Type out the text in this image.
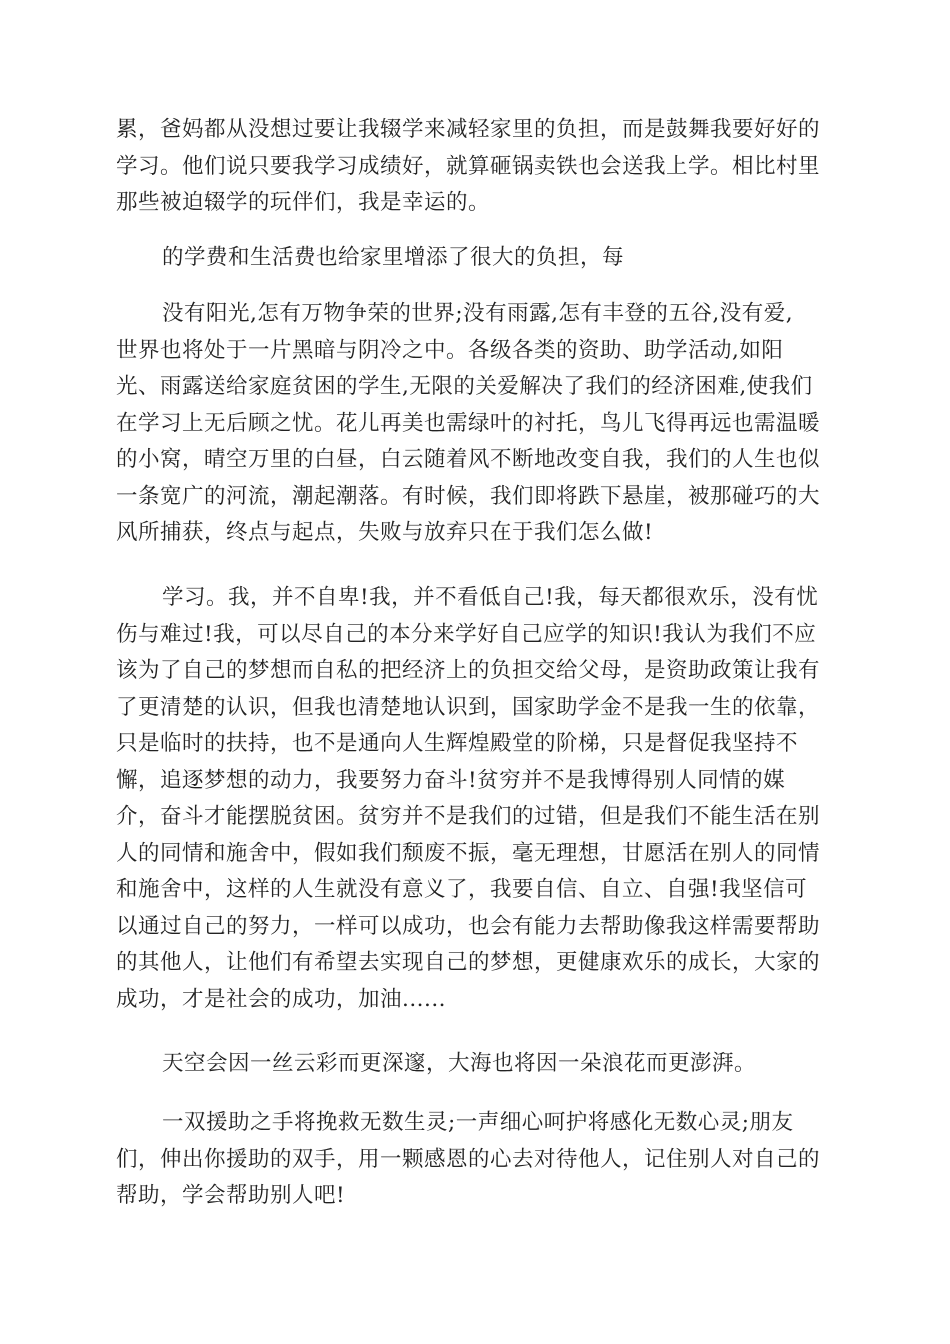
累，爸妈都从没想过要让我辍学来减轻家里的负担，而是鼓舞我要好好的
学习。他们说只要我学习成绩好，就算砸锅卖铁也会送我上学。相比村里
那些被迫辍学的玩伴们，我是幸运的。
的学费和生活费也给家里增添了很大的负担，每
没有阳光,怎有万物争荣的世界;没有雨露,怎有丰登的五谷,没有爱,
世界也将处于一片黑暗与阴冷之中。各级各类的资助、助学活动,如阳
光、雨露送给家庭贫困的学生,无限的关爱解决了我们的经济困难,使我们
在学习上无后顾之忧。花儿再美也需绿叶的衬托，鸟儿飞得再远也需温暖
的小窝，晴空万里的白昼，白云随着风不断地改变自我，我们的人生也似
一条宽广的河流，潮起潮落。有时候，我们即将跌下悬崖，被那碰巧的大
风所捕获，终点与起点，失败与放弃只在于我们怎么做!
学习。我，并不自卑!我，并不看低自己!我，每天都很欢乐，没有忧
伤与难过!我，可以尽自己的本分来学好自己应学的知识!我认为我们不应
该为了自己的梦想而自私的把经济上的负担交给父母，是资助政策让我有
了更清楚的认识，但我也清楚地认识到，国家助学金不是我一生的依靠，
只是临时的扶持，也不是通向人生辉煌殿堂的阶梯，只是督促我坚持不
懈，追逐梦想的动力，我要努力奋斗!贫穷并不是我博得别人同情的媒
介，奋斗才能摆脱贫困。贫穷并不是我们的过错，但是我们不能生活在别
人的同情和施舍中，假如我们颓废不振，毫无理想，甘愿活在别人的同情
和施舍中，这样的人生就没有意义了，我要自信、自立、自强!我坚信可
以通过自己的努力，一样可以成功，也会有能力去帮助像我这样需要帮助
的其他人，让他们有希望去实现自己的梦想，更健康欢乐的成长，大家的
成功，才是社会的成功，加油......
天空会因一丝云彩而更深邃，大海也将因一朵浪花而更澎湃。
一双援助之手将挽救无数生灵;一声细心呵护将感化无数心灵;朋友
们，伸出你援助的双手，用一颗感恩的心去对待他人，记住别人对自己的
帮助，学会帮助别人吧!
